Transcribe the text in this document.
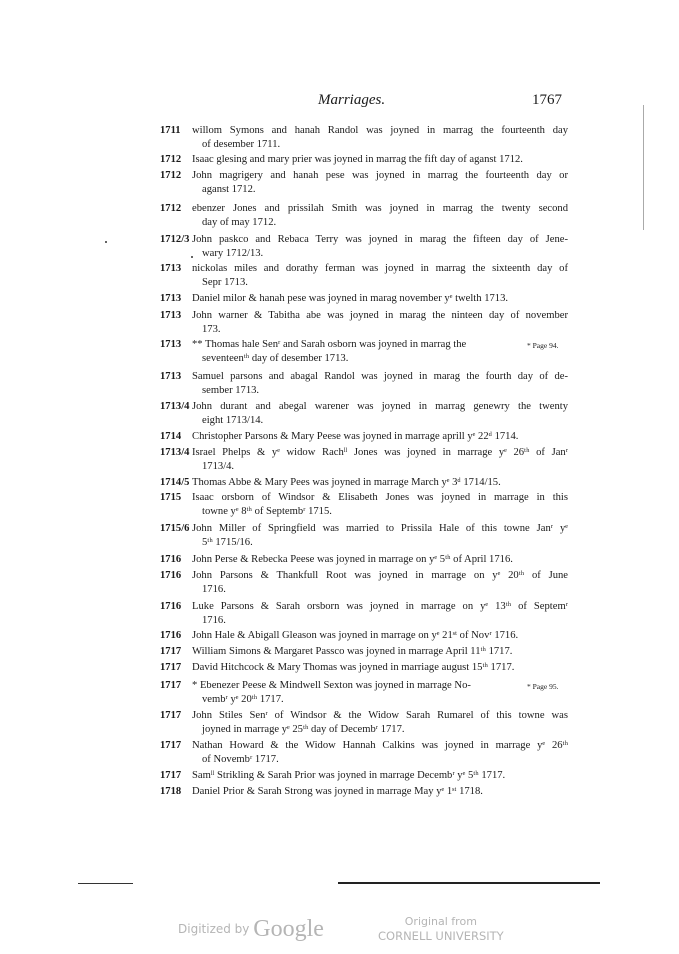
Marriages.	1767
1711 willom Symons and hanah Randol was joyned in marrag the fourteenth day
of desember 1711.
1712 Isaac glesing and mary prier was joyned in marrag the fift day of aganst 1712.
1712 John magrigery and hanah pese was joyned in marrag the fourteenth day or
aganst 1712.
1712 ebenzer Jones and prissilah Smith was joyned in marrag the twenty second
day of may 1712.
1712/3 John paskco and Rebaca Terry was joyned in marag the fifteen day of Jene-
wary 1712/13.
1713 nickolas miles and dorathy ferman was joyned in marrag the sixteenth day of
Sepr 1713.
1713 Daniel milor & hanah pese was joyned in marag november yᵉ twelth 1713.
1713 John warner & Tabitha abe was joyned in marag the ninteen day of november
173.
1713 ** Thomas hale Senʳ and Sarah osborn was joyned in marrag the
seventeenᵗʰ day of desember 1713.
* Page 94.
1713 Samuel parsons and abagal Randol was joyned in marag the fourth day of de-
sember 1713.
1713/4 John durant and abegal warener was joyned in marrag genewry the twenty
eight 1713/14.
1714 Christopher Parsons & Mary Peese was joyned in marrage aprill yᵉ 22ᵈ 1714.
1713/4 Israel Phelps & yᵉ widow Rachˡˡ Jones was joyned in marrage yᵉ 26ᵗʰ of Janʳ
1713/4.
1714/5 Thomas Abbe & Mary Pees was joyned in marrage March yᵉ 3ᵈ 1714/15.
1715 Isaac orsborn of Windsor & Elisabeth Jones was joyned in marrage in this
towne yᵉ 8ᵗʰ of Septembʳ 1715.
1715/6 John Miller of Springfield was married to Prissila Hale of this towne Janʳ yᵉ
5ᵗʰ 1715/16.
1716 John Perse & Rebecka Peese was joyned in marrage on yᵉ 5ᵗʰ of April 1716.
1716 John Parsons & Thankfull Root was joyned in marrage on yᵉ 20ᵗʰ of June
1716.
1716 Luke Parsons & Sarah orsborn was joyned in marrage on yᵉ 13ᵗʰ of Septemʳ
1716.
1716 John Hale & Abigall Gleason was joyned in marrage on yᵉ 21ˢᵗ of Novʳ 1716.
1717 William Simons & Margaret Passco was joyned in marrage April 11ᵗʰ 1717.
1717 David Hitchcock & Mary Thomas was joyned in marriage august 15ᵗʰ 1717.
1717 * Ebenezer Peese & Mindwell Sexton was joyned in marrage No-
vembʳ yᵉ 20ᵗʰ 1717.
* Page 95.
1717 John Stiles Senʳ of Windsor & the Widow Sarah Rumarel of this towne was
joyned in marrage yᵉ 25ᵗʰ day of Decembʳ 1717.
1717 Nathan Howard & the Widow Hannah Calkins was joyned in marrage yᵉ 26ᵗʰ
of Novembʳ 1717.
1717 Samˡˡ Strikling & Sarah Prior was joyned in marrage Decembʳ yᵉ 5ᵗʰ 1717.
1718 Daniel Prior & Sarah Strong was joyned in marrage May yᵉ 1ˢᵗ 1718.
Digitized by Google	Original from
CORNELL UNIVERSITY
